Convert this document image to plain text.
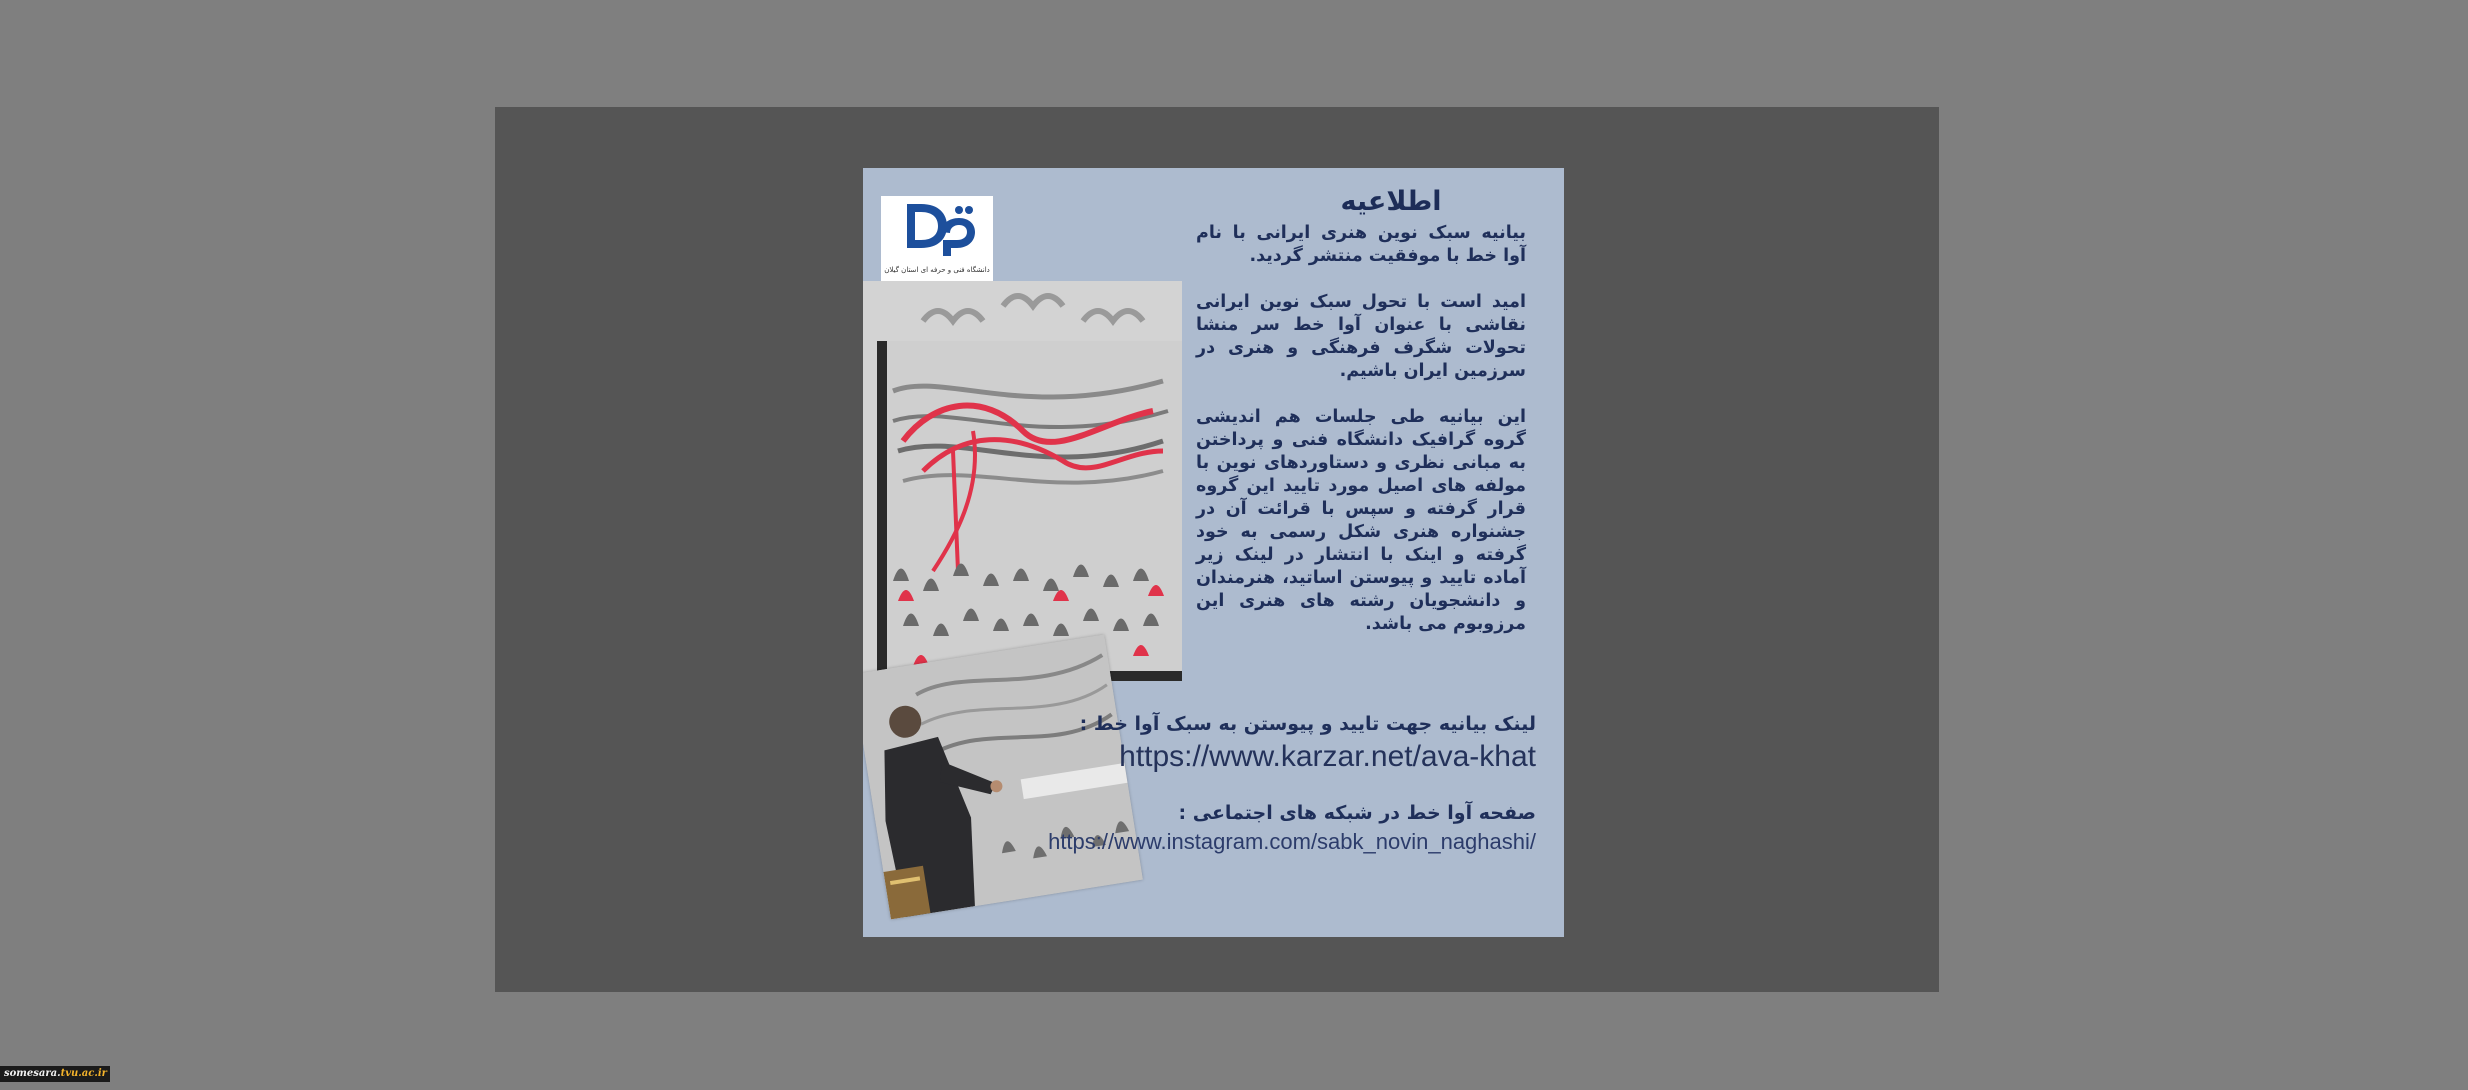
دانشگاه فنی و حرفه ای استان گیلان
اطلاعیه

بیانیه سبک نوین هنری ایرانی با نام آوا خط با موفقیت منتشر گردید.

امید است با تحول سبک نوین ایرانی نقاشی با عنوان آوا خط سر منشا تحولات شگرف فرهنگی و هنری در سرزمین ایران باشیم.

این بیانیه طی جلسات هم اندیشی گروه گرافیک دانشگاه فنی و پرداختن به مبانی نظری و دستاوردهای نوین با مولفه های اصیل مورد تایید این گروه قرار گرفته و سپس با قرائت آن در جشنواره هنری شکل رسمی به خود گرفته و اینک با انتشار در لینک زیر آماده تایید و پیوستن اساتید، هنرمندان و دانشجویان رشته های هنری این مرزوبوم می باشد.

لینک بیانیه جهت تایید و پیوستن به سبک آوا خط :
https://www.karzar.net/ava-khat
صفحه آوا خط در شبکه های اجتماعی :
https://www.instagram.com/sabk_novin_naghashi/
somesara.tvu.ac.ir
